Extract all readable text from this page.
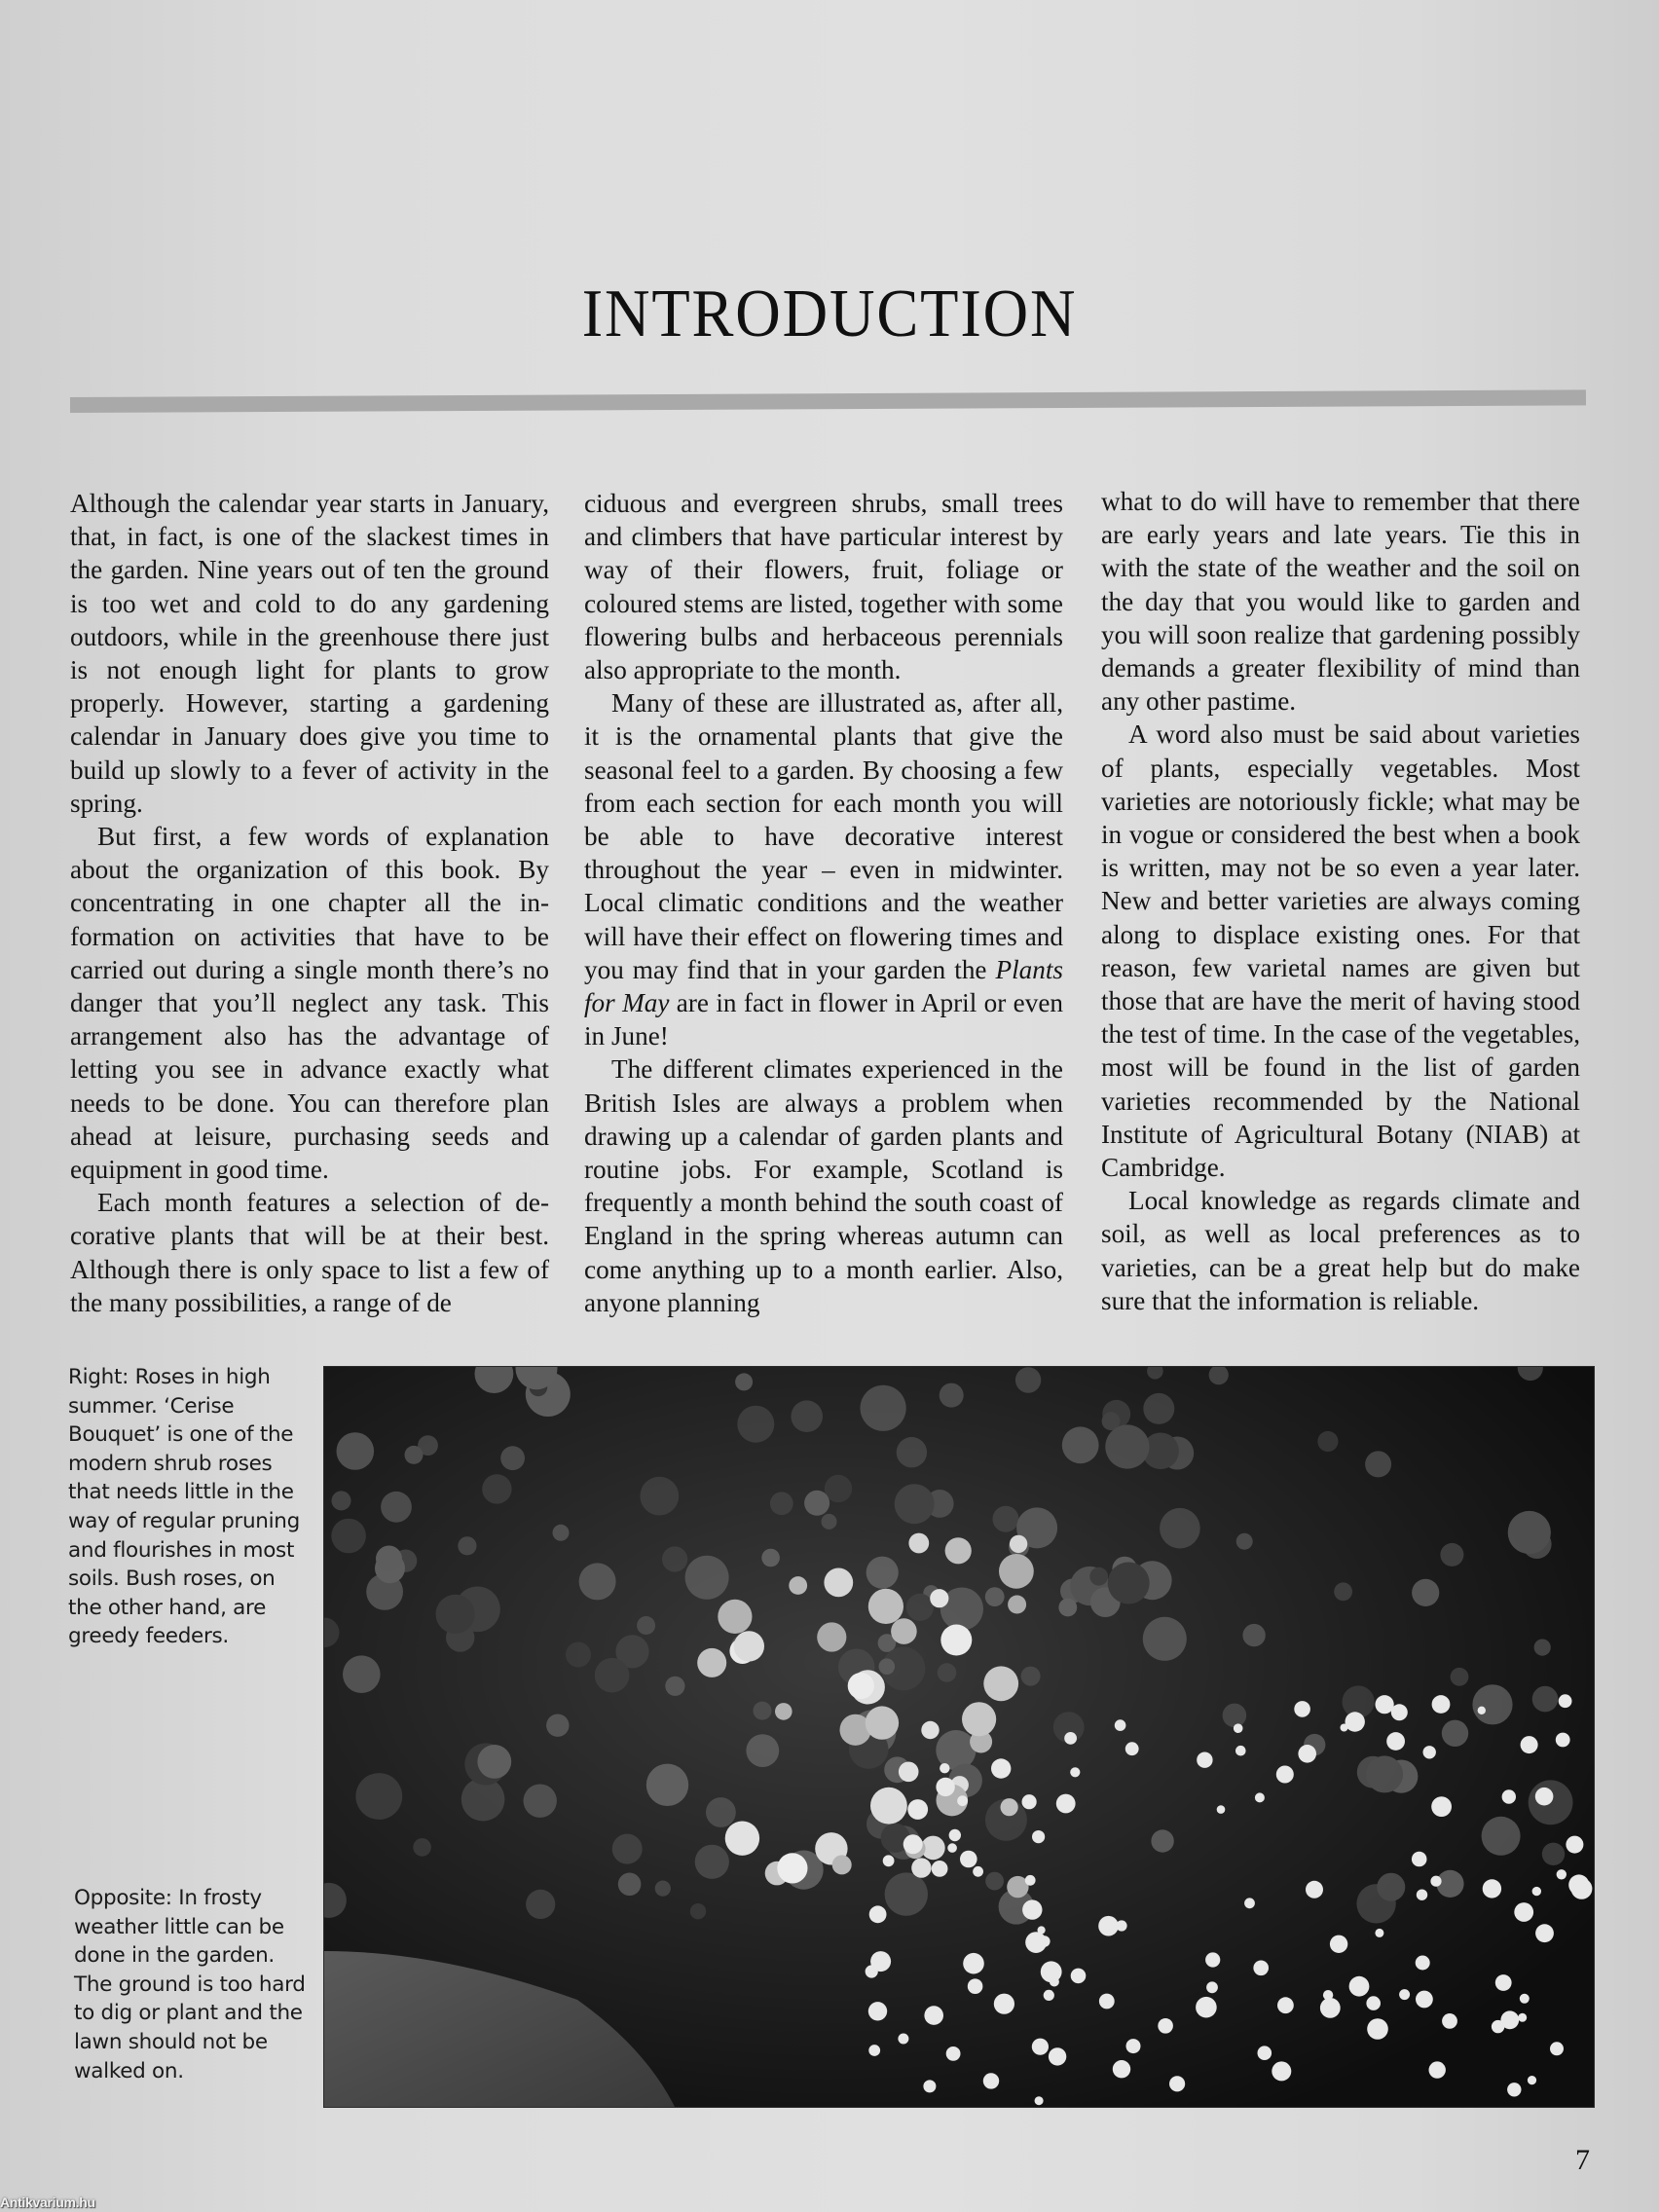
INTRODUCTION

Although the calendar year starts in January, that, in fact, is one of the slackest times in the garden. Nine years out of ten the ground is too wet and cold to do any gardening outdoors, while in the greenhouse there just is not enough light for plants to grow properly. However, starting a gardening calendar in January does give you time to build up slowly to a fever of activity in the spring.

But first, a few words of explanation about the organization of this book. By concentrating in one chapter all the information on activities that have to be carried out during a single month there’s no danger that you’ll neglect any task. This arrangement also has the advantage of letting you see in advance exactly what needs to be done. You can therefore plan ahead at leisure, purchasing seeds and equipment in good time.

Each month features a selection of decorative plants that will be at their best. Although there is only space to list a few of the many possibilities, a range of de

ciduous and evergreen shrubs, small trees and climbers that have particular interest by way of their flowers, fruit, foliage or coloured stems are listed, together with some flowering bulbs and herbaceous perennials also appropriate to the month.

Many of these are illustrated as, after all, it is the ornamental plants that give the seasonal feel to a garden. By choosing a few from each section for each month you will be able to have decorative interest throughout the year – even in midwinter. Local climatic conditions and the weather will have their effect on flowering times and you may find that in your garden the Plants for May are in fact in flower in April or even in June!

The different climates experienced in the British Isles are always a problem when drawing up a calendar of garden plants and routine jobs. For example, Scotland is frequently a month behind the south coast of England in the spring whereas autumn can come anything up to a month earlier. Also, anyone planning

what to do will have to remember that there are early years and late years. Tie this in with the state of the weather and the soil on the day that you would like to garden and you will soon realize that gardening possibly demands a greater flexibility of mind than any other pastime.

A word also must be said about varieties of plants, especially vegetables. Most varieties are notoriously fickle; what may be in vogue or considered the best when a book is written, may not be so even a year later. New and better varieties are always coming along to displace existing ones. For that reason, few varietal names are given but those that are have the merit of having stood the test of time. In the case of the vegetables, most will be found in the list of garden varieties recommended by the National Institute of Agricultural Botany (NIAB) at Cambridge.

Local knowledge as regards climate and soil, as well as local preferences as to varieties, can be a great help but do make sure that the information is reliable.

Right: Roses in high summer. ‘Cerise Bouquet’ is one of the modern shrub roses that needs little in the way of regular pruning and flourishes in most soils. Bush roses, on the other hand, are greedy feeders.
Opposite: In frosty weather little can be done in the garden. The ground is too hard to dig or plant and the lawn should not be walked on.
7
Antikvarium.hu
